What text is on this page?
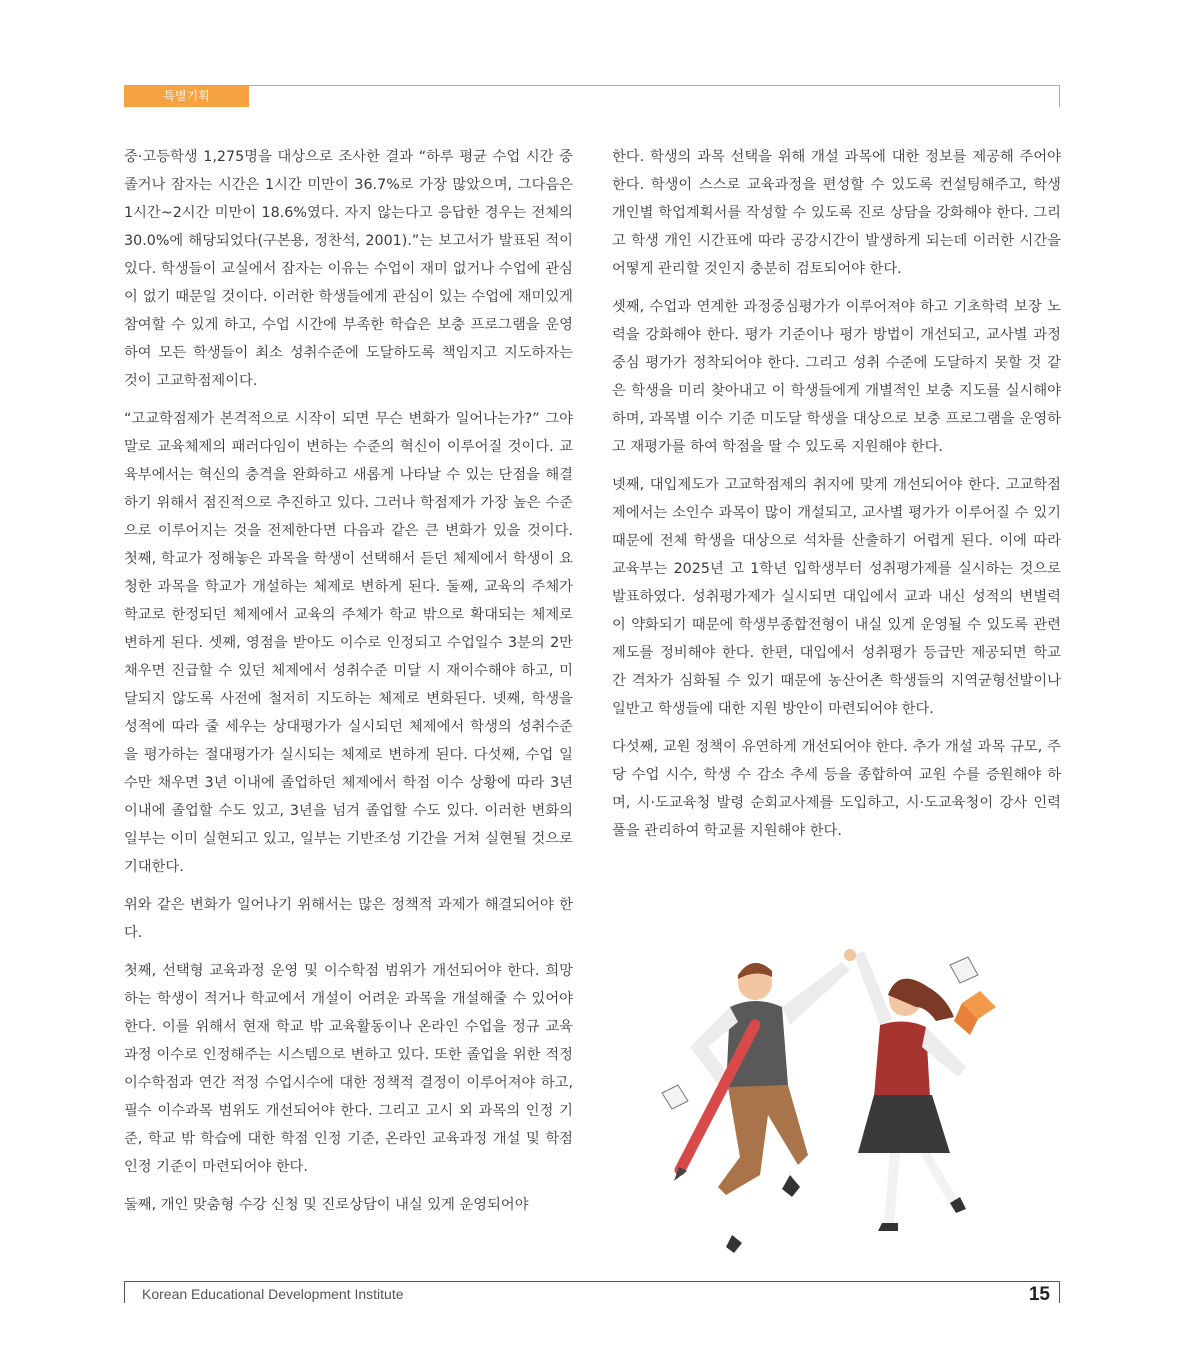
특별기획

중·고등학생 1,275명을 대상으로 조사한 결과 “하루 평균 수업 시간 중 졸거나 잠자는 시간은 1시간 미만이 36.7%로 가장 많았으며, 그다음은 1시간~2시간 미만이 18.6%였다. 자지 않는다고 응답한 경우는 전체의 30.0%에 해당되었다(구본용, 정찬석, 2001).”는 보고서가 발표된 적이 있다. 학생들이 교실에서 잠자는 이유는 수업이 재미 없거나 수업에 관심이 없기 때문일 것이다. 이러한 학생들에게 관심이 있는 수업에 재미있게 참여할 수 있게 하고, 수업 시간에 부족한 학습은 보충 프로그램을 운영하여 모든 학생들이 최소 성취수준에 도달하도록 책임지고 지도하자는 것이 고교학점제이다.

“고교학점제가 본격적으로 시작이 되면 무슨 변화가 일어나는가?” 그야말로 교육체제의 패러다임이 변하는 수준의 혁신이 이루어질 것이다. 교육부에서는 혁신의 충격을 완화하고 새롭게 나타날 수 있는 단점을 해결하기 위해서 점진적으로 추진하고 있다. 그러나 학점제가 가장 높은 수준으로 이루어지는 것을 전제한다면 다음과 같은 큰 변화가 있을 것이다. 첫째, 학교가 정해놓은 과목을 학생이 선택해서 듣던 체제에서 학생이 요청한 과목을 학교가 개설하는 체제로 변하게 된다. 둘째, 교육의 주체가 학교로 한정되던 체제에서 교육의 주체가 학교 밖으로 확대되는 체제로 변하게 된다. 셋째, 영점을 받아도 이수로 인정되고 수업일수 3분의 2만 채우면 진급할 수 있던 체제에서 성취수준 미달 시 재이수해야 하고, 미달되지 않도록 사전에 철저히 지도하는 체제로 변화된다. 넷째, 학생을 성적에 따라 줄 세우는 상대평가가 실시되던 체제에서 학생의 성취수준을 평가하는 절대평가가 실시되는 체제로 변하게 된다. 다섯째, 수업 일수만 채우면 3년 이내에 졸업하던 체제에서 학점 이수 상황에 따라 3년 이내에 졸업할 수도 있고, 3년을 넘겨 졸업할 수도 있다. 이러한 변화의 일부는 이미 실현되고 있고, 일부는 기반조성 기간을 거쳐 실현될 것으로 기대한다.

위와 같은 변화가 일어나기 위해서는 많은 정책적 과제가 해결되어야 한다.

첫째, 선택형 교육과정 운영 및 이수학점 범위가 개선되어야 한다. 희망하는 학생이 적거나 학교에서 개설이 어려운 과목을 개설해줄 수 있어야 한다. 이를 위해서 현재 학교 밖 교육활동이나 온라인 수업을 정규 교육과정 이수로 인정해주는 시스템으로 변하고 있다. 또한 졸업을 위한 적정 이수학점과 연간 적정 수업시수에 대한 정책적 결정이 이루어져야 하고, 필수 이수과목 범위도 개선되어야 한다. 그리고 고시 외 과목의 인정 기준, 학교 밖 학습에 대한 학점 인정 기준, 온라인 교육과정 개설 및 학점 인정 기준이 마련되어야 한다.

둘째, 개인 맞춤형 수강 신청 및 진로상담이 내실 있게 운영되어야

한다. 학생의 과목 선택을 위해 개설 과목에 대한 정보를 제공해 주어야 한다. 학생이 스스로 교육과정을 편성할 수 있도록 컨설팅해주고, 학생 개인별 학업계획서를 작성할 수 있도록 진로 상담을 강화해야 한다. 그리고 학생 개인 시간표에 따라 공강시간이 발생하게 되는데 이러한 시간을 어떻게 관리할 것인지 충분히 검토되어야 한다.

셋째, 수업과 연계한 과정중심평가가 이루어져야 하고 기초학력 보장 노력을 강화해야 한다. 평가 기준이나 평가 방법이 개선되고, 교사별 과정중심 평가가 정착되어야 한다. 그리고 성취 수준에 도달하지 못할 것 같은 학생을 미리 찾아내고 이 학생들에게 개별적인 보충 지도를 실시해야 하며, 과목별 이수 기준 미도달 학생을 대상으로 보충 프로그램을 운영하고 재평가를 하여 학점을 딸 수 있도록 지원해야 한다.

넷째, 대입제도가 고교학점제의 취지에 맞게 개선되어야 한다. 고교학점제에서는 소인수 과목이 많이 개설되고, 교사별 평가가 이루어질 수 있기 때문에 전체 학생을 대상으로 석차를 산출하기 어렵게 된다. 이에 따라 교육부는 2025년 고 1학년 입학생부터 성취평가제를 실시하는 것으로 발표하였다. 성취평가제가 실시되면 대입에서 교과 내신 성적의 변별력이 약화되기 때문에 학생부종합전형이 내실 있게 운영될 수 있도록 관련 제도를 정비해야 한다. 한편, 대입에서 성취평가 등급만 제공되면 학교 간 격차가 심화될 수 있기 때문에 농산어촌 학생들의 지역균형선발이나 일반고 학생들에 대한 지원 방안이 마련되어야 한다.

다섯째, 교원 정책이 유연하게 개선되어야 한다. 추가 개설 과목 규모, 주당 수업 시수, 학생 수 감소 추세 등을 종합하여 교원 수를 증원해야 하며, 시·도교육청 발령 순회교사제를 도입하고, 시·도교육청이 강사 인력풀을 관리하여 학교를 지원해야 한다.

Korean Educational Development Institute	15
